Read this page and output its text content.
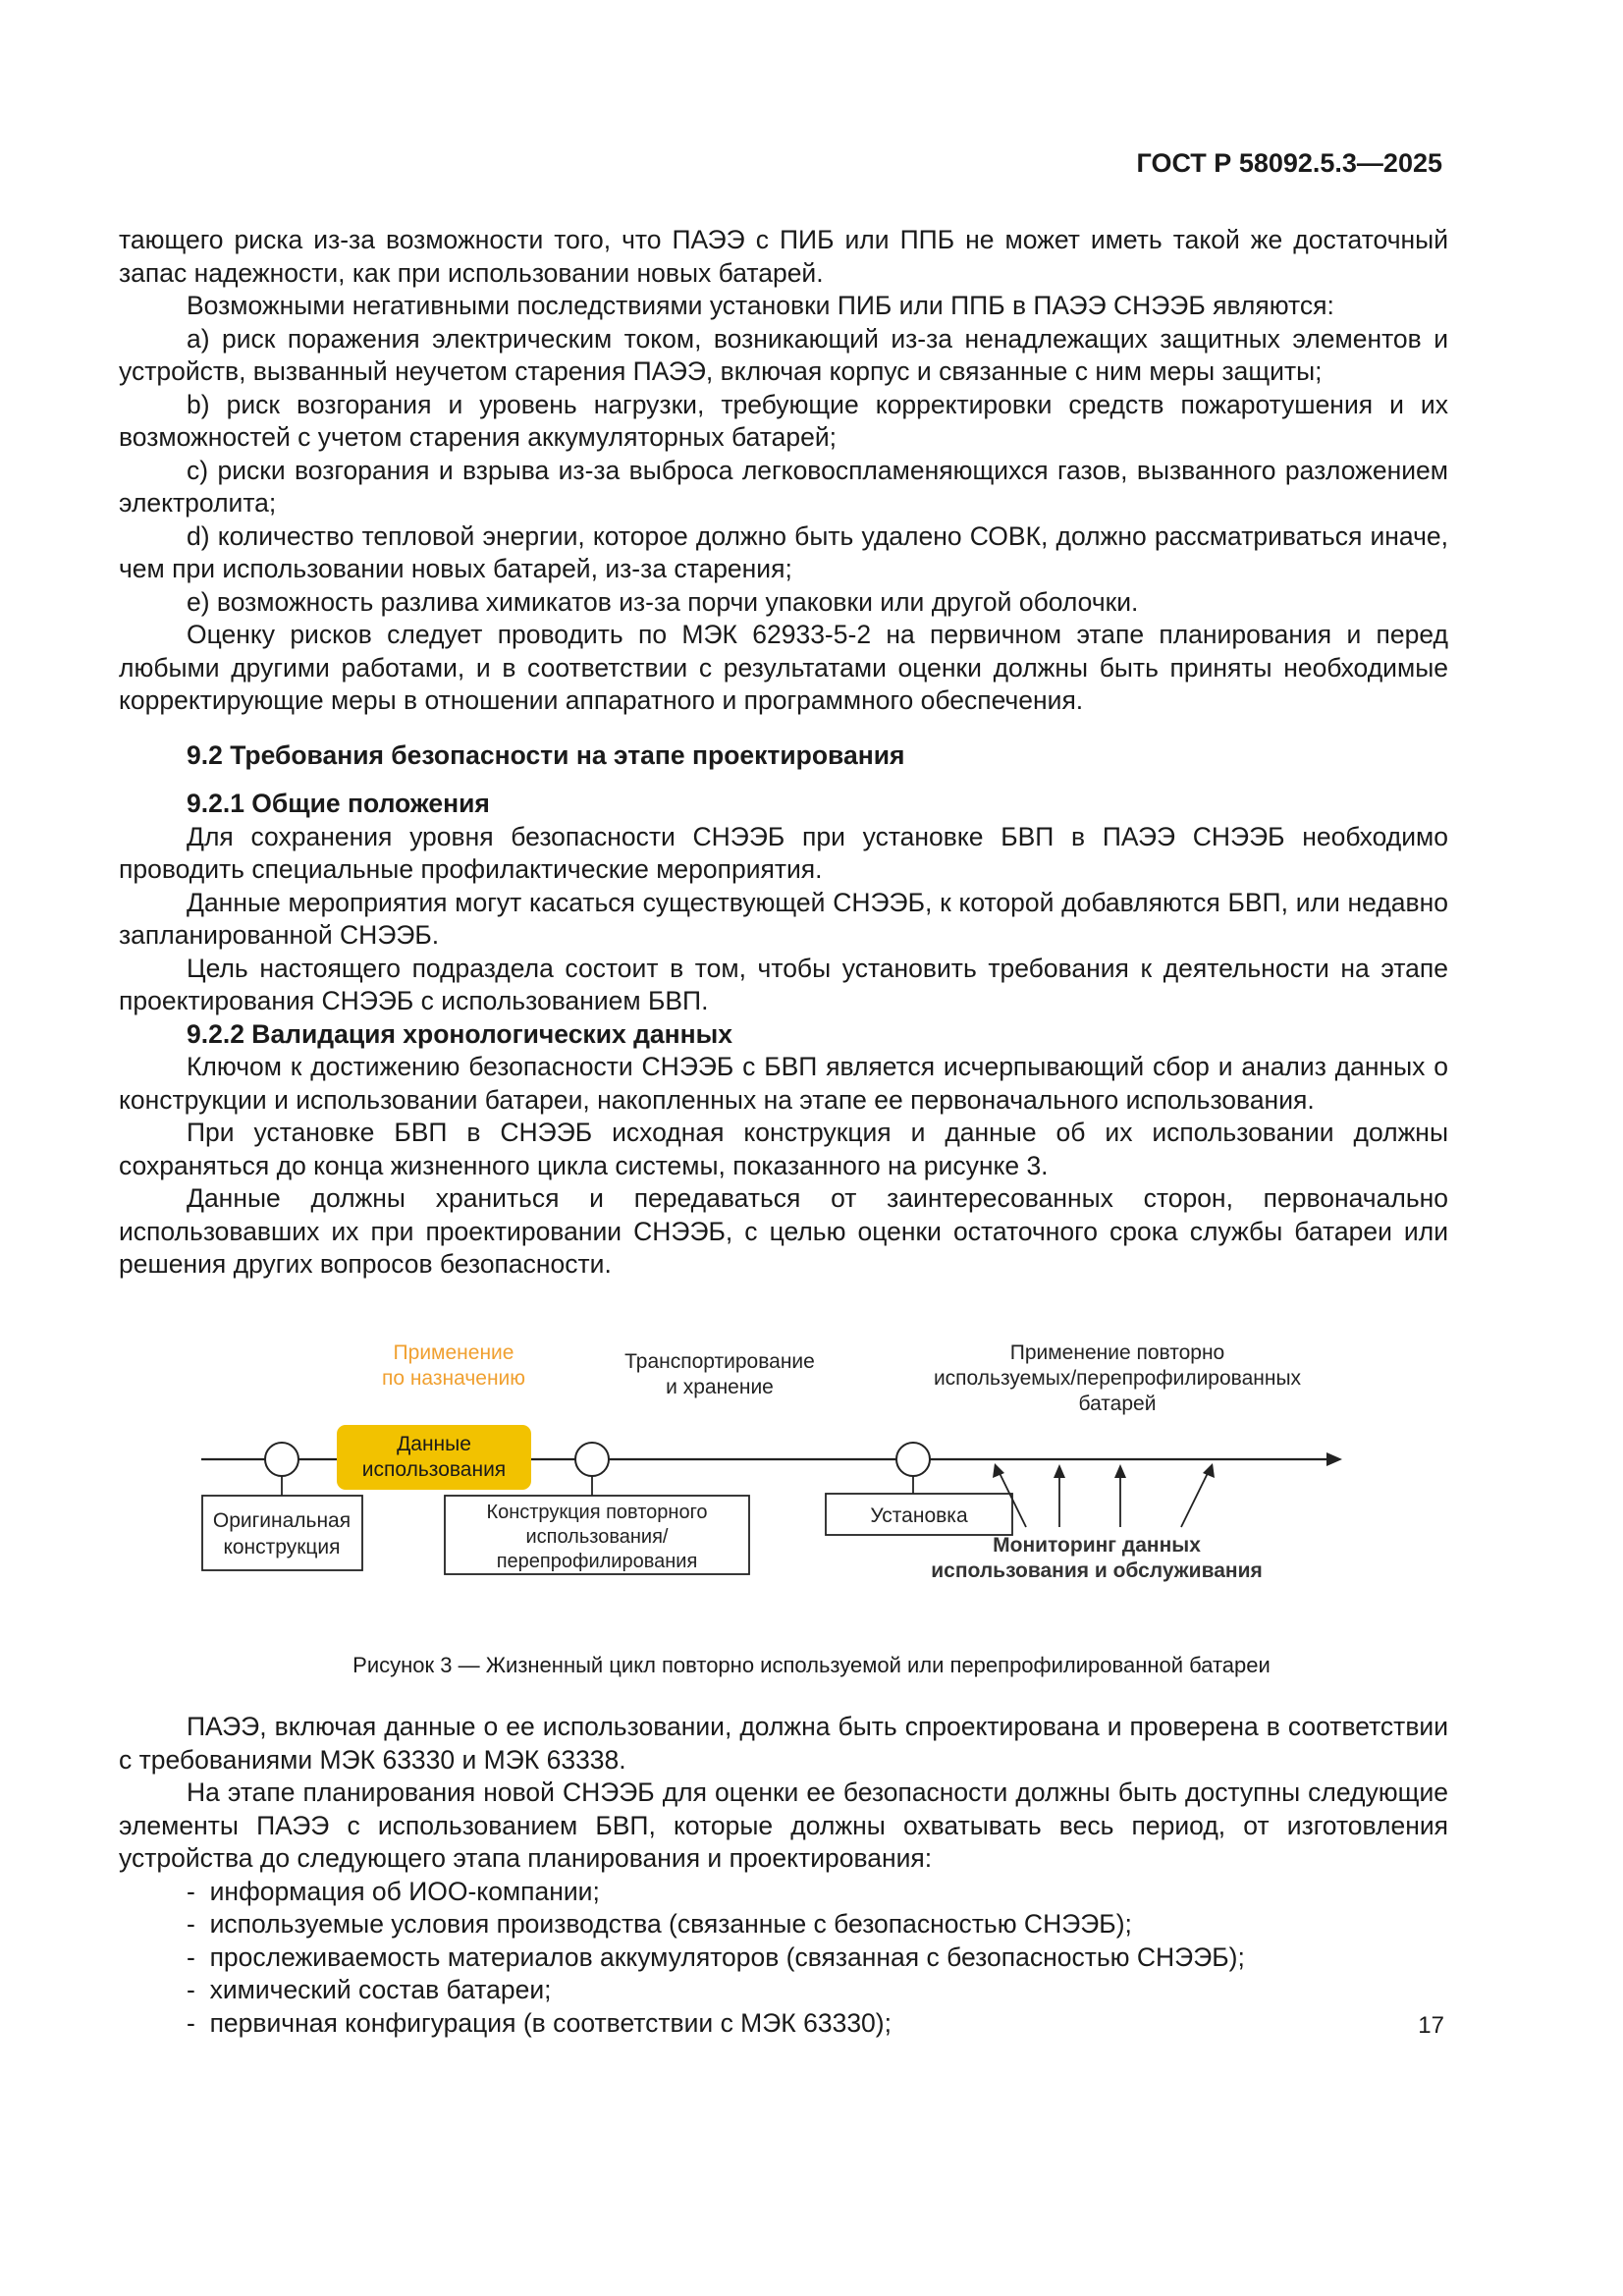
ГОСТ Р 58092.5.3—2025

тающего риска из-за возможности того, что ПАЭЭ с ПИБ или ППБ не может иметь такой же достаточный запас надежности, как при использовании новых батарей.

Возможными негативными последствиями установки ПИБ или ППБ в ПАЭЭ СНЭЭБ являются:

a) риск поражения электрическим током, возникающий из-за ненадлежащих защитных элементов и устройств, вызванный неучетом старения ПАЭЭ, включая корпус и связанные с ним меры защиты;

b) риск возгорания и уровень нагрузки, требующие корректировки средств пожаротушения и их возможностей с учетом старения аккумуляторных батарей;

c) риски возгорания и взрыва из-за выброса легковоспламеняющихся газов, вызванного разложением электролита;

d) количество тепловой энергии, которое должно быть удалено СОВК, должно рассматриваться иначе, чем при использовании новых батарей, из-за старения;

e) возможность разлива химикатов из-за порчи упаковки или другой оболочки.

Оценку рисков следует проводить по МЭК 62933-5-2 на первичном этапе планирования и перед любыми другими работами, и в соответствии с результатами оценки должны быть приняты необходимые корректирующие меры в отношении аппаратного и программного обеспечения.

9.2 Требования безопасности на этапе проектирования
9.2.1 Общие положения

Для сохранения уровня безопасности СНЭЭБ при установке БВП в ПАЭЭ СНЭЭБ необходимо проводить специальные профилактические мероприятия.

Данные мероприятия могут касаться существующей СНЭЭБ, к которой добавляются БВП, или недавно запланированной СНЭЭБ.

Цель настоящего подраздела состоит в том, чтобы установить требования к деятельности на этапе проектирования СНЭЭБ с использованием БВП.

9.2.2 Валидация хронологических данных

Ключом к достижению безопасности СНЭЭБ с БВП является исчерпывающий сбор и анализ данных о конструкции и использовании батареи, накопленных на этапе ее первоначального использования.

При установке БВП в СНЭЭБ исходная конструкция и данные об их использовании должны сохраняться до конца жизненного цикла системы, показанного на рисунке 3.

Данные должны храниться и передаваться от заинтересованных сторон, первоначально использовавших их при проектировании СНЭЭБ, с целью оценки остаточного срока службы батареи или решения других вопросов безопасности.

Данные
использования
Применение
по назначению
Транспортирование
и хранение
Применение повторно
используемых/перепрофилированных
батарей
Оригинальная
конструкция
Конструкция повторного
использования/
перепрофилирования
Установка
Мониторинг данных
использования и обслуживания
Рисунок 3 — Жизненный цикл повторно используемой или перепрофилированной батареи

ПАЭЭ, включая данные о ее использовании, должна быть спроектирована и проверена в соответствии с требованиями МЭК 63330 и МЭК 63338.

На этапе планирования новой СНЭЭБ для оценки ее безопасности должны быть доступны следующие элементы ПАЭЭ с использованием БВП, которые должны охватывать весь период, от изготовления устройства до следующего этапа планирования и проектирования:

-  информация об ИОО-компании;
-  используемые условия производства (связанные с безопасностью СНЭЭБ);
-  прослеживаемость материалов аккумуляторов (связанная с безопасностью СНЭЭБ);
-  химический состав батареи;
-  первичная конфигурация (в соответствии с МЭК 63330);	17
